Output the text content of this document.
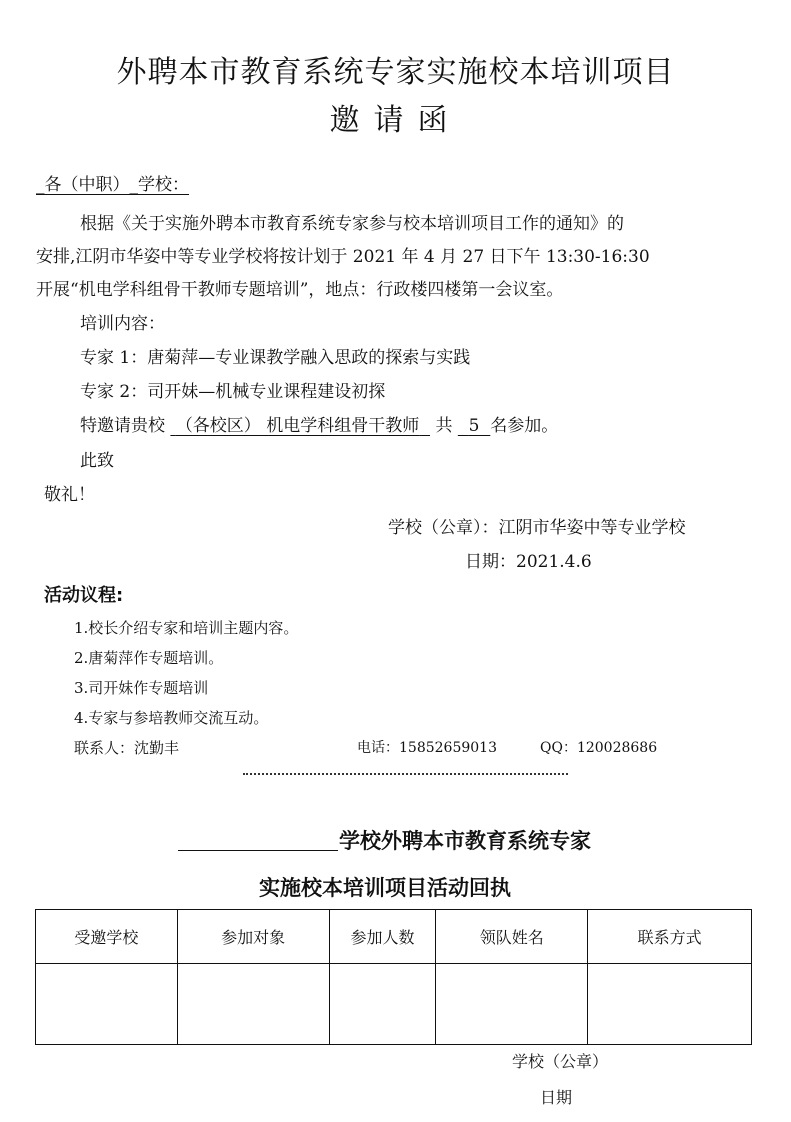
外聘本市教育系统专家实施校本培训项目
邀请函
_各（中职）_学校：
根据《关于实施外聘本市教育系统专家参与校本培训项目工作的通知》的
安排,江阴市华姿中等专业学校将按计划于 2021 年 4 月 27 日下午 13:30-16:30
开展“机电学科组骨干教师专题培训”，地点：行政楼四楼第一会议室。
培训内容：
专家 1：唐菊萍—专业课教学融入思政的探索与实践
专家 2：司开妹—机械专业课程建设初探
特邀请贵校 （各校区） 机电学科组骨干教师 共 5 名参加。
此致
敬礼！
学校（公章）：江阴市华姿中等专业学校
日期：2021.4.6
活动议程:
1.校长介绍专家和培训主题内容。
2.唐菊萍作专题培训。
3.司开妹作专题培训
4.专家与参培教师交流互动。
联系人：沈勤丰	电话：15852659013	QQ：120028686
学校外聘本市教育系统专家
实施校本培训项目活动回执
受邀学校	参加对象	参加人数	领队姓名	联系方式

学校（公章）
日期
